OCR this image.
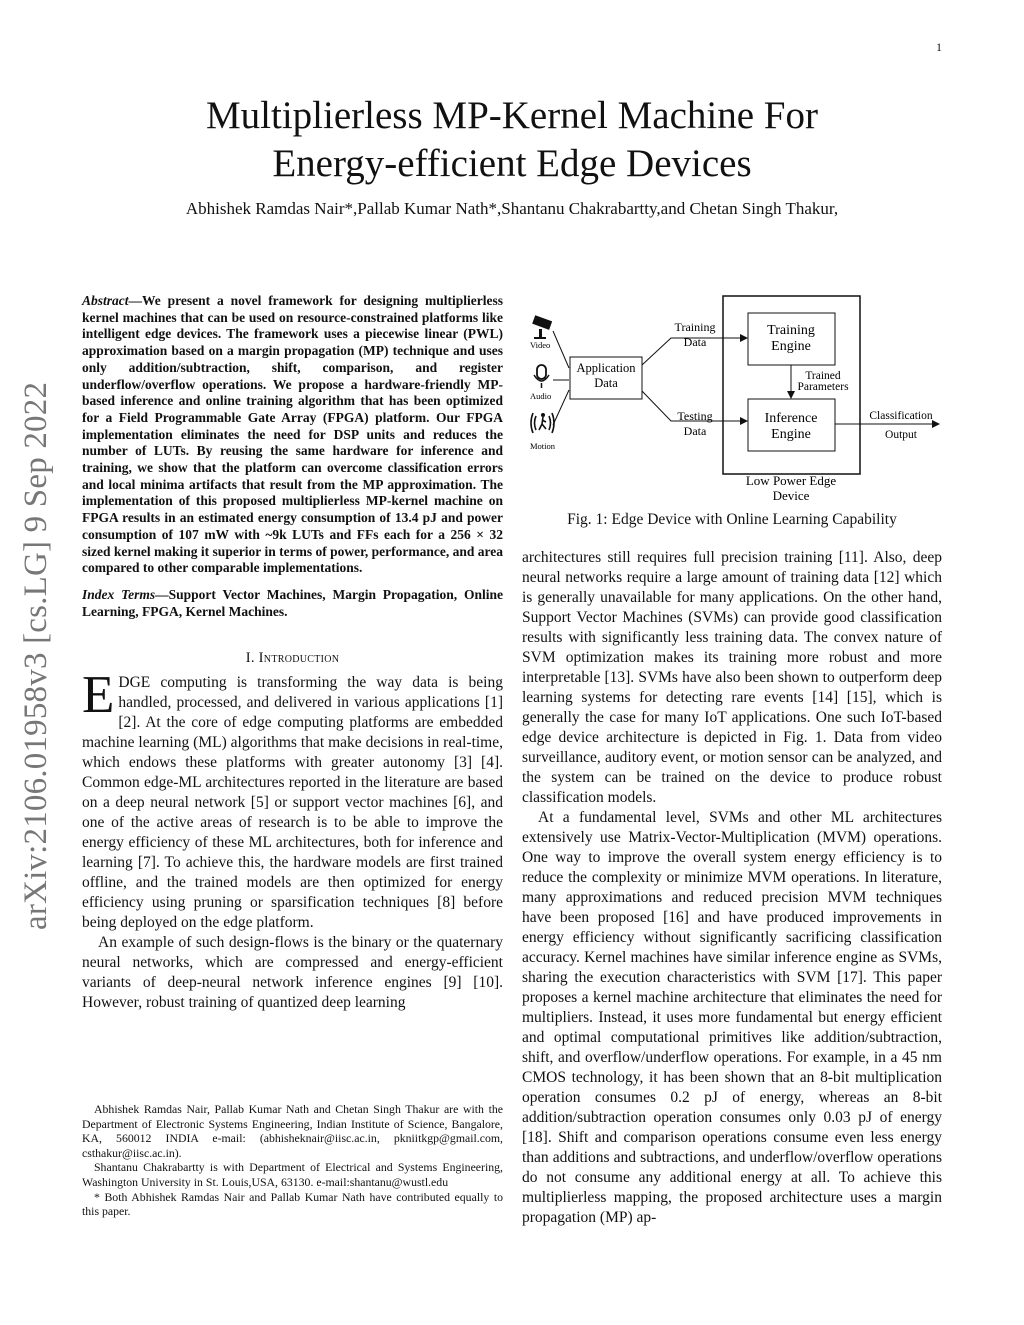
1
arXiv:2106.01958v3 [cs.LG] 9 Sep 2022
Multiplierless MP-Kernel Machine For
Energy-efficient Edge Devices
Abhishek Ramdas Nair*,Pallab Kumar Nath*,Shantanu Chakrabartty,and Chetan Singh Thakur,
Video
Audio
Motion
Application
Data
Training
Data
Testing
Data
Training
Engine
Trained
Parameters
Inference
Engine
Classification
Output
Low Power Edge
Device
Fig. 1: Edge Device with Online Learning Capability
Abstract—We present a novel framework for designing multiplierless kernel machines that can be used on resource-constrained platforms like intelligent edge devices. The framework uses a piecewise linear (PWL) approximation based on a margin propagation (MP) technique and uses only addition/subtraction, shift, comparison, and register underflow/overflow operations. We propose a hardware-friendly MP-based inference and online training algorithm that has been optimized for a Field Programmable Gate Array (FPGA) platform. Our FPGA implementation eliminates the need for DSP units and reduces the number of LUTs. By reusing the same hardware for inference and training, we show that the platform can overcome classification errors and local minima artifacts that result from the MP approximation. The implementation of this proposed multiplierless MP-kernel machine on FPGA results in an estimated energy consumption of 13.4 pJ and power consumption of 107 mW with ~9k LUTs and FFs each for a 256 × 32 sized kernel making it superior in terms of power, performance, and area compared to other comparable implementations.
Index Terms—Support Vector Machines, Margin Propagation, Online Learning, FPGA, Kernel Machines.
I. Introduction

EDGE computing is transforming the way data is being handled, processed, and delivered in various applications [1] [2]. At the core of edge computing platforms are embedded machine learning (ML) algorithms that make decisions in real-time, which endows these platforms with greater autonomy [3] [4]. Common edge-ML architectures reported in the literature are based on a deep neural network [5] or support vector machines [6], and one of the active areas of research is to be able to improve the energy efficiency of these ML architectures, both for inference and learning [7]. To achieve this, the hardware models are first trained offline, and the trained models are then optimized for energy efficiency using pruning or sparsification techniques [8] before being deployed on the edge platform.

An example of such design-flows is the binary or the quaternary neural networks, which are compressed and energy-efficient variants of deep-neural network inference engines [9] [10]. However, robust training of quantized deep learning

Abhishek Ramdas Nair, Pallab Kumar Nath and Chetan Singh Thakur are with the Department of Electronic Systems Engineering, Indian Institute of Science, Bangalore, KA, 560012 INDIA e-mail: (abhisheknair@iisc.ac.in, pkniitkgp@gmail.com, csthakur@iisc.ac.in).

Shantanu Chakrabartty is with Department of Electrical and Systems Engineering, Washington University in St. Louis,USA, 63130. e-mail:shantanu@wustl.edu

* Both Abhishek Ramdas Nair and Pallab Kumar Nath have contributed equally to this paper.

architectures still requires full precision training [11]. Also, deep neural networks require a large amount of training data [12] which is generally unavailable for many applications. On the other hand, Support Vector Machines (SVMs) can provide good classification results with significantly less training data. The convex nature of SVM optimization makes its training more robust and more interpretable [13]. SVMs have also been shown to outperform deep learning systems for detecting rare events [14] [15], which is generally the case for many IoT applications. One such IoT-based edge device architecture is depicted in Fig. 1. Data from video surveillance, auditory event, or motion sensor can be analyzed, and the system can be trained on the device to produce robust classification models.

At a fundamental level, SVMs and other ML architectures extensively use Matrix-Vector-Multiplication (MVM) operations. One way to improve the overall system energy efficiency is to reduce the complexity or minimize MVM operations. In literature, many approximations and reduced precision MVM techniques have been proposed [16] and have produced improvements in energy efficiency without significantly sacrificing classification accuracy. Kernel machines have similar inference engine as SVMs, sharing the execution characteristics with SVM [17]. This paper proposes a kernel machine architecture that eliminates the need for multipliers. Instead, it uses more fundamental but energy efficient and optimal computational primitives like addition/subtraction, shift, and overflow/underflow operations. For example, in a 45 nm CMOS technology, it has been shown that an 8-bit multiplication operation consumes 0.2 pJ of energy, whereas an 8-bit addition/subtraction operation consumes only 0.03 pJ of energy [18]. Shift and comparison operations consume even less energy than additions and subtractions, and underflow/overflow operations do not consume any additional energy at all. To achieve this multiplierless mapping, the proposed architecture uses a margin propagation (MP) ap-
